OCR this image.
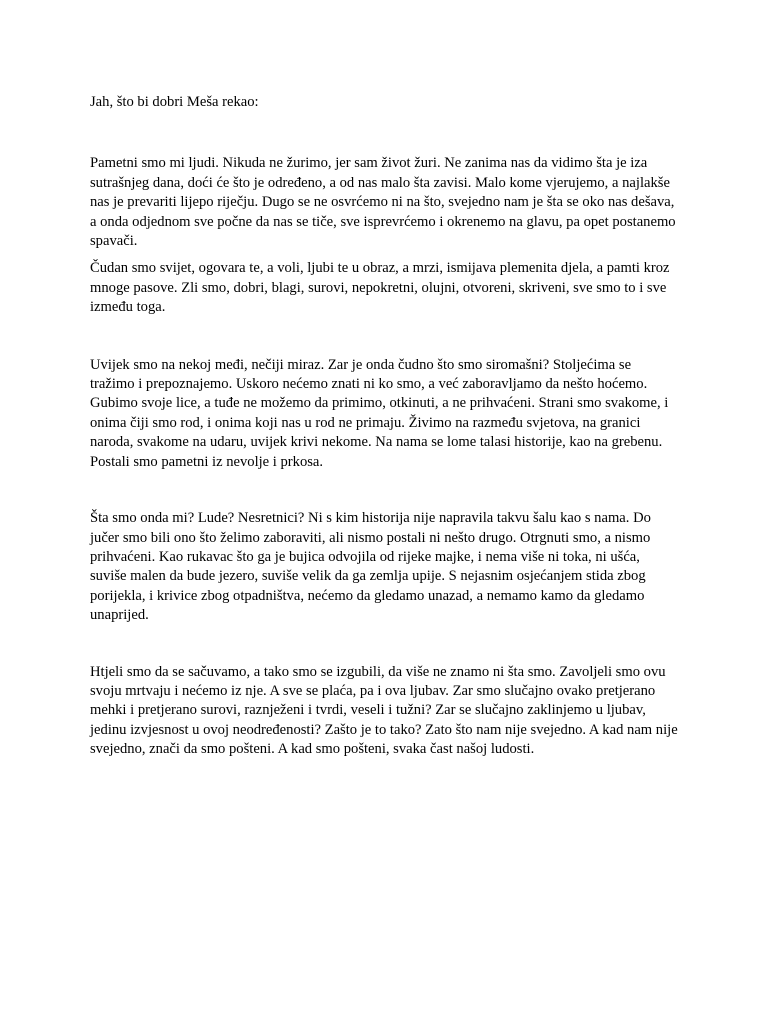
Jah, što bi dobri Meša rekao:

Pametni smo mi ljudi. Nikuda ne žurimo, jer sam život žuri. Ne zanima nas da vidimo šta je iza sutrašnjeg dana, doći će što je određeno, a od nas malo šta zavisi. Malo kome vjerujemo, a najlakše nas je prevariti lijepo riječju. Dugo se ne osvrćemo ni na što, svejedno nam je šta se oko nas dešava, a onda odjednom sve počne da nas se tiče, sve isprevrćemo i okrenemo na glavu, pa opet postanemo spavači.

Čudan smo svijet, ogovara te, a voli, ljubi te u obraz, a mrzi, ismijava plemenita djela, a pamti kroz mnoge pasove. Zli smo, dobri, blagi, surovi, nepokretni, olujni, otvoreni, skriveni, sve smo to i sve između toga.

Uvijek smo na nekoj međi, nečiji miraz. Zar je onda čudno što smo siromašni? Stoljećima se tražimo i prepoznajemo. Uskoro nećemo znati ni ko smo, a već zaboravljamo da nešto hoćemo. Gubimo svoje lice, a tuđe ne možemo da primimo, otkinuti, a ne prihvaćeni. Strani smo svakome, i onima čiji smo rod, i onima koji nas u rod ne primaju. Živimo na razmeđu svjetova, na granici naroda, svakome na udaru, uvijek krivi nekome. Na nama se lome talasi historije, kao na grebenu. Postali smo pametni iz nevolje i prkosa.

Šta smo onda mi? Lude? Nesretnici? Ni s kim historija nije napravila takvu šalu kao s nama. Do jučer smo bili ono što želimo zaboraviti, ali nismo postali ni nešto drugo. Otrgnuti smo, a nismo prihvaćeni. Kao rukavac što ga je bujica odvojila od rijeke majke, i nema više ni toka, ni ušća, suviše malen da bude jezero, suviše velik da ga zemlja upije. S nejasnim osjećanjem stida zbog porijekla, i krivice zbog otpadništva, nećemo da gledamo unazad, a nemamo kamo da gledamo unaprijed.

Htjeli smo da se sačuvamo, a tako smo se izgubili, da više ne znamo ni šta smo. Zavoljeli smo ovu svoju mrtvaju i nećemo iz nje. A sve se plaća, pa i ova ljubav. Zar smo slučajno ovako pretjerano mehki i pretjerano surovi, raznježeni i tvrdi, veseli i tužni? Zar se slučajno zaklinjemo u ljubav, jedinu izvjesnost u ovoj neodređenosti? Zašto je to tako? Zato što nam nije svejedno. A kad nam nije svejedno, znači da smo pošteni. A kad smo pošteni, svaka čast našoj ludosti.
